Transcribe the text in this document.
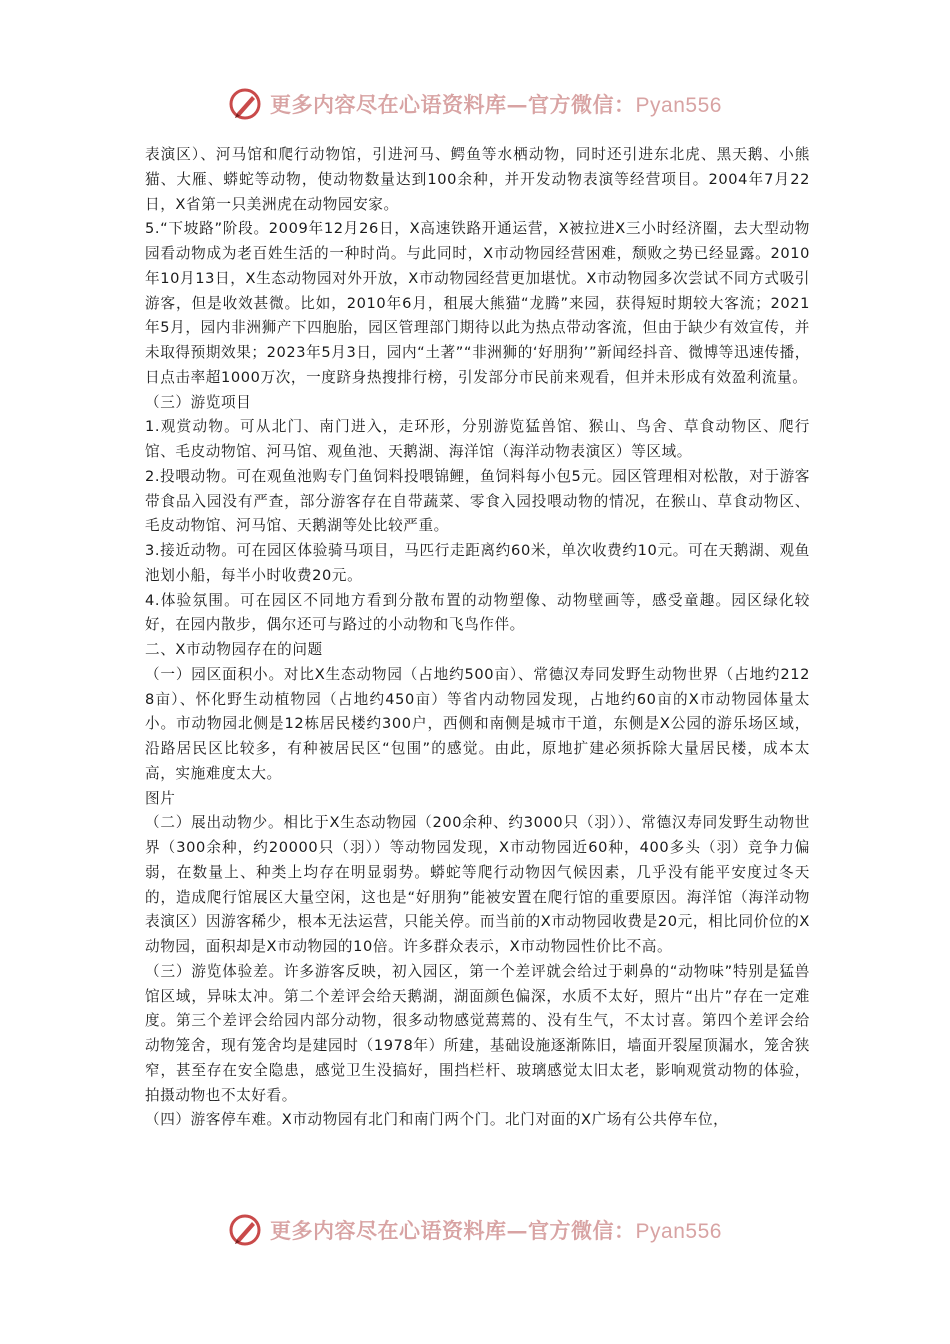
更多内容尽在心语资料库—官方微信：Pyan556

表演区）、河马馆和爬行动物馆，引进河马、鳄鱼等水栖动物，同时还引进东北虎、黑天鹅、小熊猫、大雁、蟒蛇等动物，使动物数量达到100余种，并开发动物表演等经营项目。2004年7月22日，X省第一只美洲虎在动物园安家。

5.“下坡路”阶段。2009年12月26日，X高速铁路开通运营，X被拉进X三小时经济圈，去大型动物园看动物成为老百姓生活的一种时尚。与此同时，X市动物园经营困难，颓败之势已经显露。2010年10月13日，X生态动物园对外开放，X市动物园经营更加堪忧。X市动物园多次尝试不同方式吸引游客，但是收效甚微。比如，2010年6月，租展大熊猫“龙腾”来园，获得短时期较大客流；2021年5月，园内非洲狮产下四胞胎，园区管理部门期待以此为热点带动客流，但由于缺少有效宣传，并未取得预期效果；2023年5月3日，园内“土著”“非洲狮的‘好朋狗’”新闻经抖音、微博等迅速传播，日点击率超1000万次，一度跻身热搜排行榜，引发部分市民前来观看，但并未形成有效盈利流量。

（三）游览项目

1.观赏动物。可从北门、南门进入，走环形，分别游览猛兽馆、猴山、鸟舍、草食动物区、爬行馆、毛皮动物馆、河马馆、观鱼池、天鹅湖、海洋馆（海洋动物表演区）等区域。

2.投喂动物。可在观鱼池购专门鱼饲料投喂锦鲤，鱼饲料每小包5元。园区管理相对松散，对于游客带食品入园没有严查，部分游客存在自带蔬菜、零食入园投喂动物的情况，在猴山、草食动物区、毛皮动物馆、河马馆、天鹅湖等处比较严重。

3.接近动物。可在园区体验骑马项目，马匹行走距离约60米，单次收费约10元。可在天鹅湖、观鱼池划小船，每半小时收费20元。

4.体验氛围。可在园区不同地方看到分散布置的动物塑像、动物壁画等，感受童趣。园区绿化较好，在园内散步，偶尔还可与路过的小动物和飞鸟作伴。

二、X市动物园存在的问题

（一）园区面积小。对比X生态动物园（占地约500亩）、常德汉寿同发野生动物世界（占地约2128亩）、怀化野生动植物园（占地约450亩）等省内动物园发现，占地约60亩的X市动物园体量太小。市动物园北侧是12栋居民楼约300户，西侧和南侧是城市干道，东侧是X公园的游乐场区域，沿路居民区比较多，有种被居民区“包围”的感觉。由此，原地扩建必须拆除大量居民楼，成本太高，实施难度太大。

图片

（二）展出动物少。相比于X生态动物园（200余种、约3000只（羽））、常德汉寿同发野生动物世界（300余种，约20000只（羽））等动物园发现，X市动物园近60种，400多头（羽）竞争力偏弱，在数量上、种类上均存在明显弱势。蟒蛇等爬行动物因气候因素，几乎没有能平安度过冬天的，造成爬行馆展区大量空闲，这也是“好朋狗”能被安置在爬行馆的重要原因。海洋馆（海洋动物表演区）因游客稀少，根本无法运营，只能关停。而当前的X市动物园收费是20元，相比同价位的X动物园，面积却是X市动物园的10倍。许多群众表示，X市动物园性价比不高。

（三）游览体验差。许多游客反映，初入园区，第一个差评就会给过于刺鼻的“动物味”特别是猛兽馆区域，异味太冲。第二个差评会给天鹅湖，湖面颜色偏深，水质不太好，照片“出片”存在一定难度。第三个差评会给园内部分动物，很多动物感觉蔫蔫的、没有生气，不太讨喜。第四个差评会给动物笼舍，现有笼舍均是建园时（1978年）所建，基础设施逐渐陈旧，墙面开裂屋顶漏水，笼舍狭窄，甚至存在安全隐患，感觉卫生没搞好，围挡栏杆、玻璃感觉太旧太老，影响观赏动物的体验，拍摄动物也不太好看。

（四）游客停车难。X市动物园有北门和南门两个门。北门对面的X广场有公共停车位，

更多内容尽在心语资料库—官方微信：Pyan556
